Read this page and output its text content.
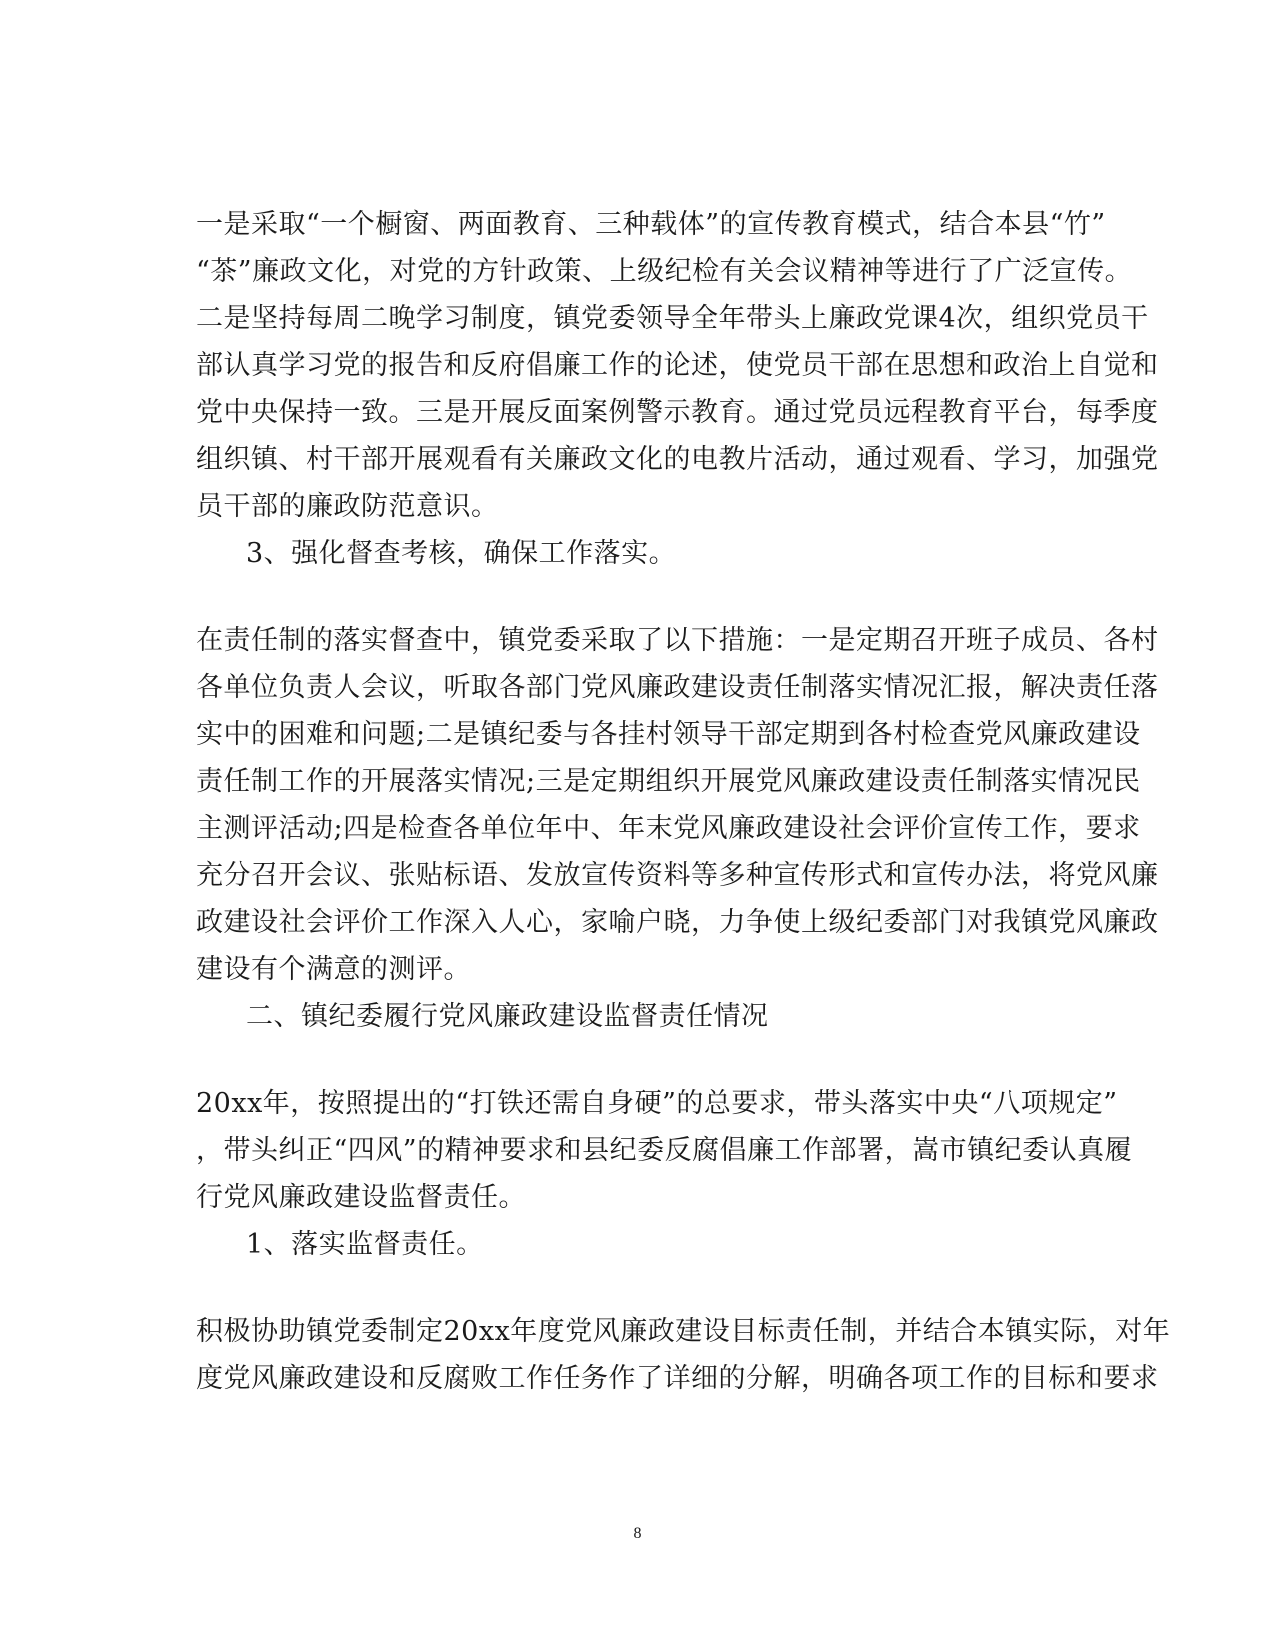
一是采取“一个橱窗、两面教育、三种载体”的宣传教育模式，结合本县“竹”
“茶”廉政文化，对党的方针政策、上级纪检有关会议精神等进行了广泛宣传。
二是坚持每周二晚学习制度，镇党委领导全年带头上廉政党课4次，组织党员干
部认真学习党的报告和反府倡廉工作的论述，使党员干部在思想和政治上自觉和
党中央保持一致。三是开展反面案例警示教育。通过党员远程教育平台，每季度
组织镇、村干部开展观看有关廉政文化的电教片活动，通过观看、学习，加强党
员干部的廉政防范意识。
3、强化督查考核，确保工作落实。
在责任制的落实督查中，镇党委采取了以下措施：一是定期召开班子成员、各村
各单位负责人会议，听取各部门党风廉政建设责任制落实情况汇报，解决责任落
实中的困难和问题;二是镇纪委与各挂村领导干部定期到各村检查党风廉政建设
责任制工作的开展落实情况;三是定期组织开展党风廉政建设责任制落实情况民
主测评活动;四是检查各单位年中、年末党风廉政建设社会评价宣传工作，要求
充分召开会议、张贴标语、发放宣传资料等多种宣传形式和宣传办法，将党风廉
政建设社会评价工作深入人心，家喻户晓，力争使上级纪委部门对我镇党风廉政
建设有个满意的测评。
二、镇纪委履行党风廉政建设监督责任情况
20xx年，按照提出的“打铁还需自身硬”的总要求，带头落实中央“八项规定”
，带头纠正“四风”的精神要求和县纪委反腐倡廉工作部署，嵩市镇纪委认真履
行党风廉政建设监督责任。
1、落实监督责任。
积极协助镇党委制定20xx年度党风廉政建设目标责任制，并结合本镇实际，对年
度党风廉政建设和反腐败工作任务作了详细的分解，明确各项工作的目标和要求
8
